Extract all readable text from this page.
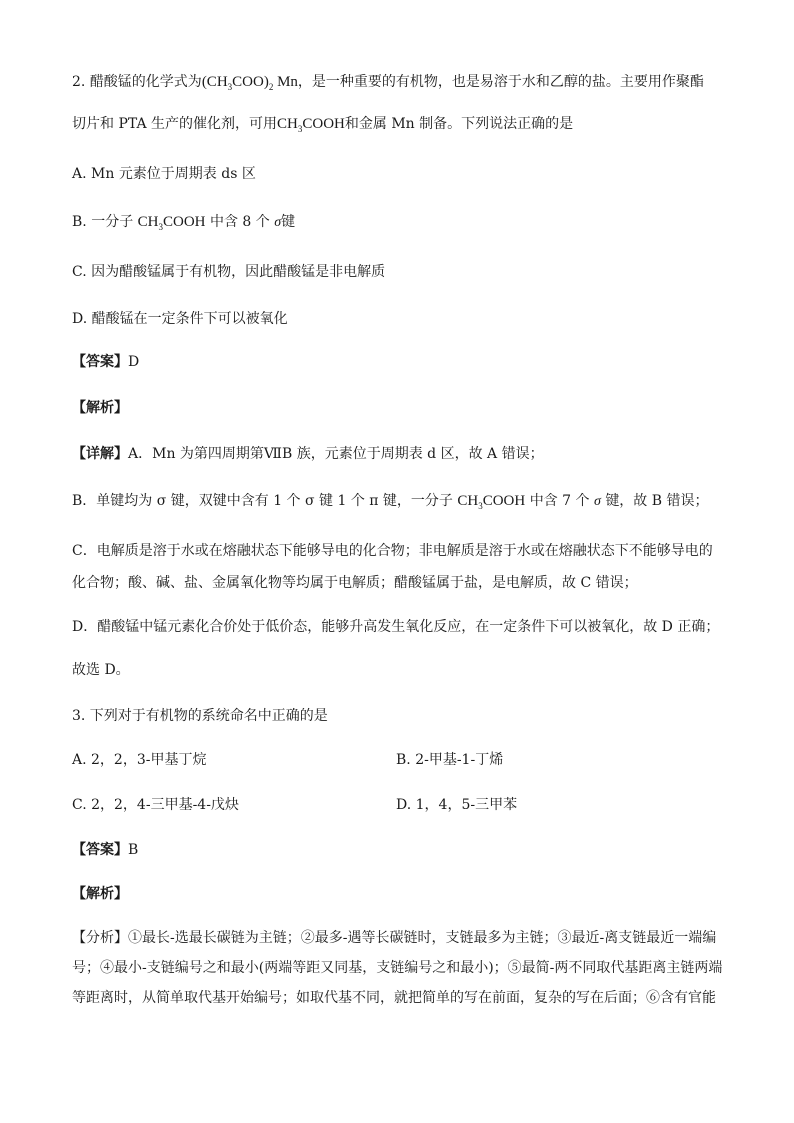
2. 醋酸锰的化学式为$(CH_3COO)_2$ Mn，是一种重要的有机物，也是易溶于水和乙醇的盐。主要用作聚酯
切片和 PTA 生产的催化剂，可用$CH_3COOH$和金属 Mn 制备。下列说法正确的是
A. Mn 元素位于周期表 ds 区
B. 一分子 $CH_3COOH$ 中含 8 个 σ键
C. 因为醋酸锰属于有机物，因此醋酸锰是非电解质
D. 醋酸锰在一定条件下可以被氧化
【答案】D
【解析】
【详解】A．Mn 为第四周期第ⅦB 族，元素位于周期表 d 区，故 A 错误；
B．单键均为 σ 键，双键中含有 1 个 σ 键 1 个 π 键，一分子 $CH_3COOH$ 中含 7 个 σ 键，故 B 错误；
C．电解质是溶于水或在熔融状态下能够导电的化合物；非电解质是溶于水或在熔融状态下不能够导电的
化合物；酸、碱、盐、金属氧化物等均属于电解质；醋酸锰属于盐，是电解质，故 C 错误；
D．醋酸锰中锰元素化合价处于低价态，能够升高发生氧化反应，在一定条件下可以被氧化，故 D 正确；
故选 D。
3. 下列对于有机物的系统命名中正确的是
A. 2，2，3-甲基丁烷	B. 2-甲基-1-丁烯
C. 2，2，4-三甲基-4-戊炔	D. 1，4，5-三甲苯
【答案】B
【解析】
【分析】①最长-选最长碳链为主链；②最多-遇等长碳链时，支链最多为主链；③最近-离支链最近一端编
号；④最小-支链编号之和最小(两端等距又同基，支链编号之和最小)；⑤最简-两不同取代基距离主链两端
等距离时，从简单取代基开始编号；如取代基不同，就把简单的写在前面，复杂的写在后面；⑥含有官能
